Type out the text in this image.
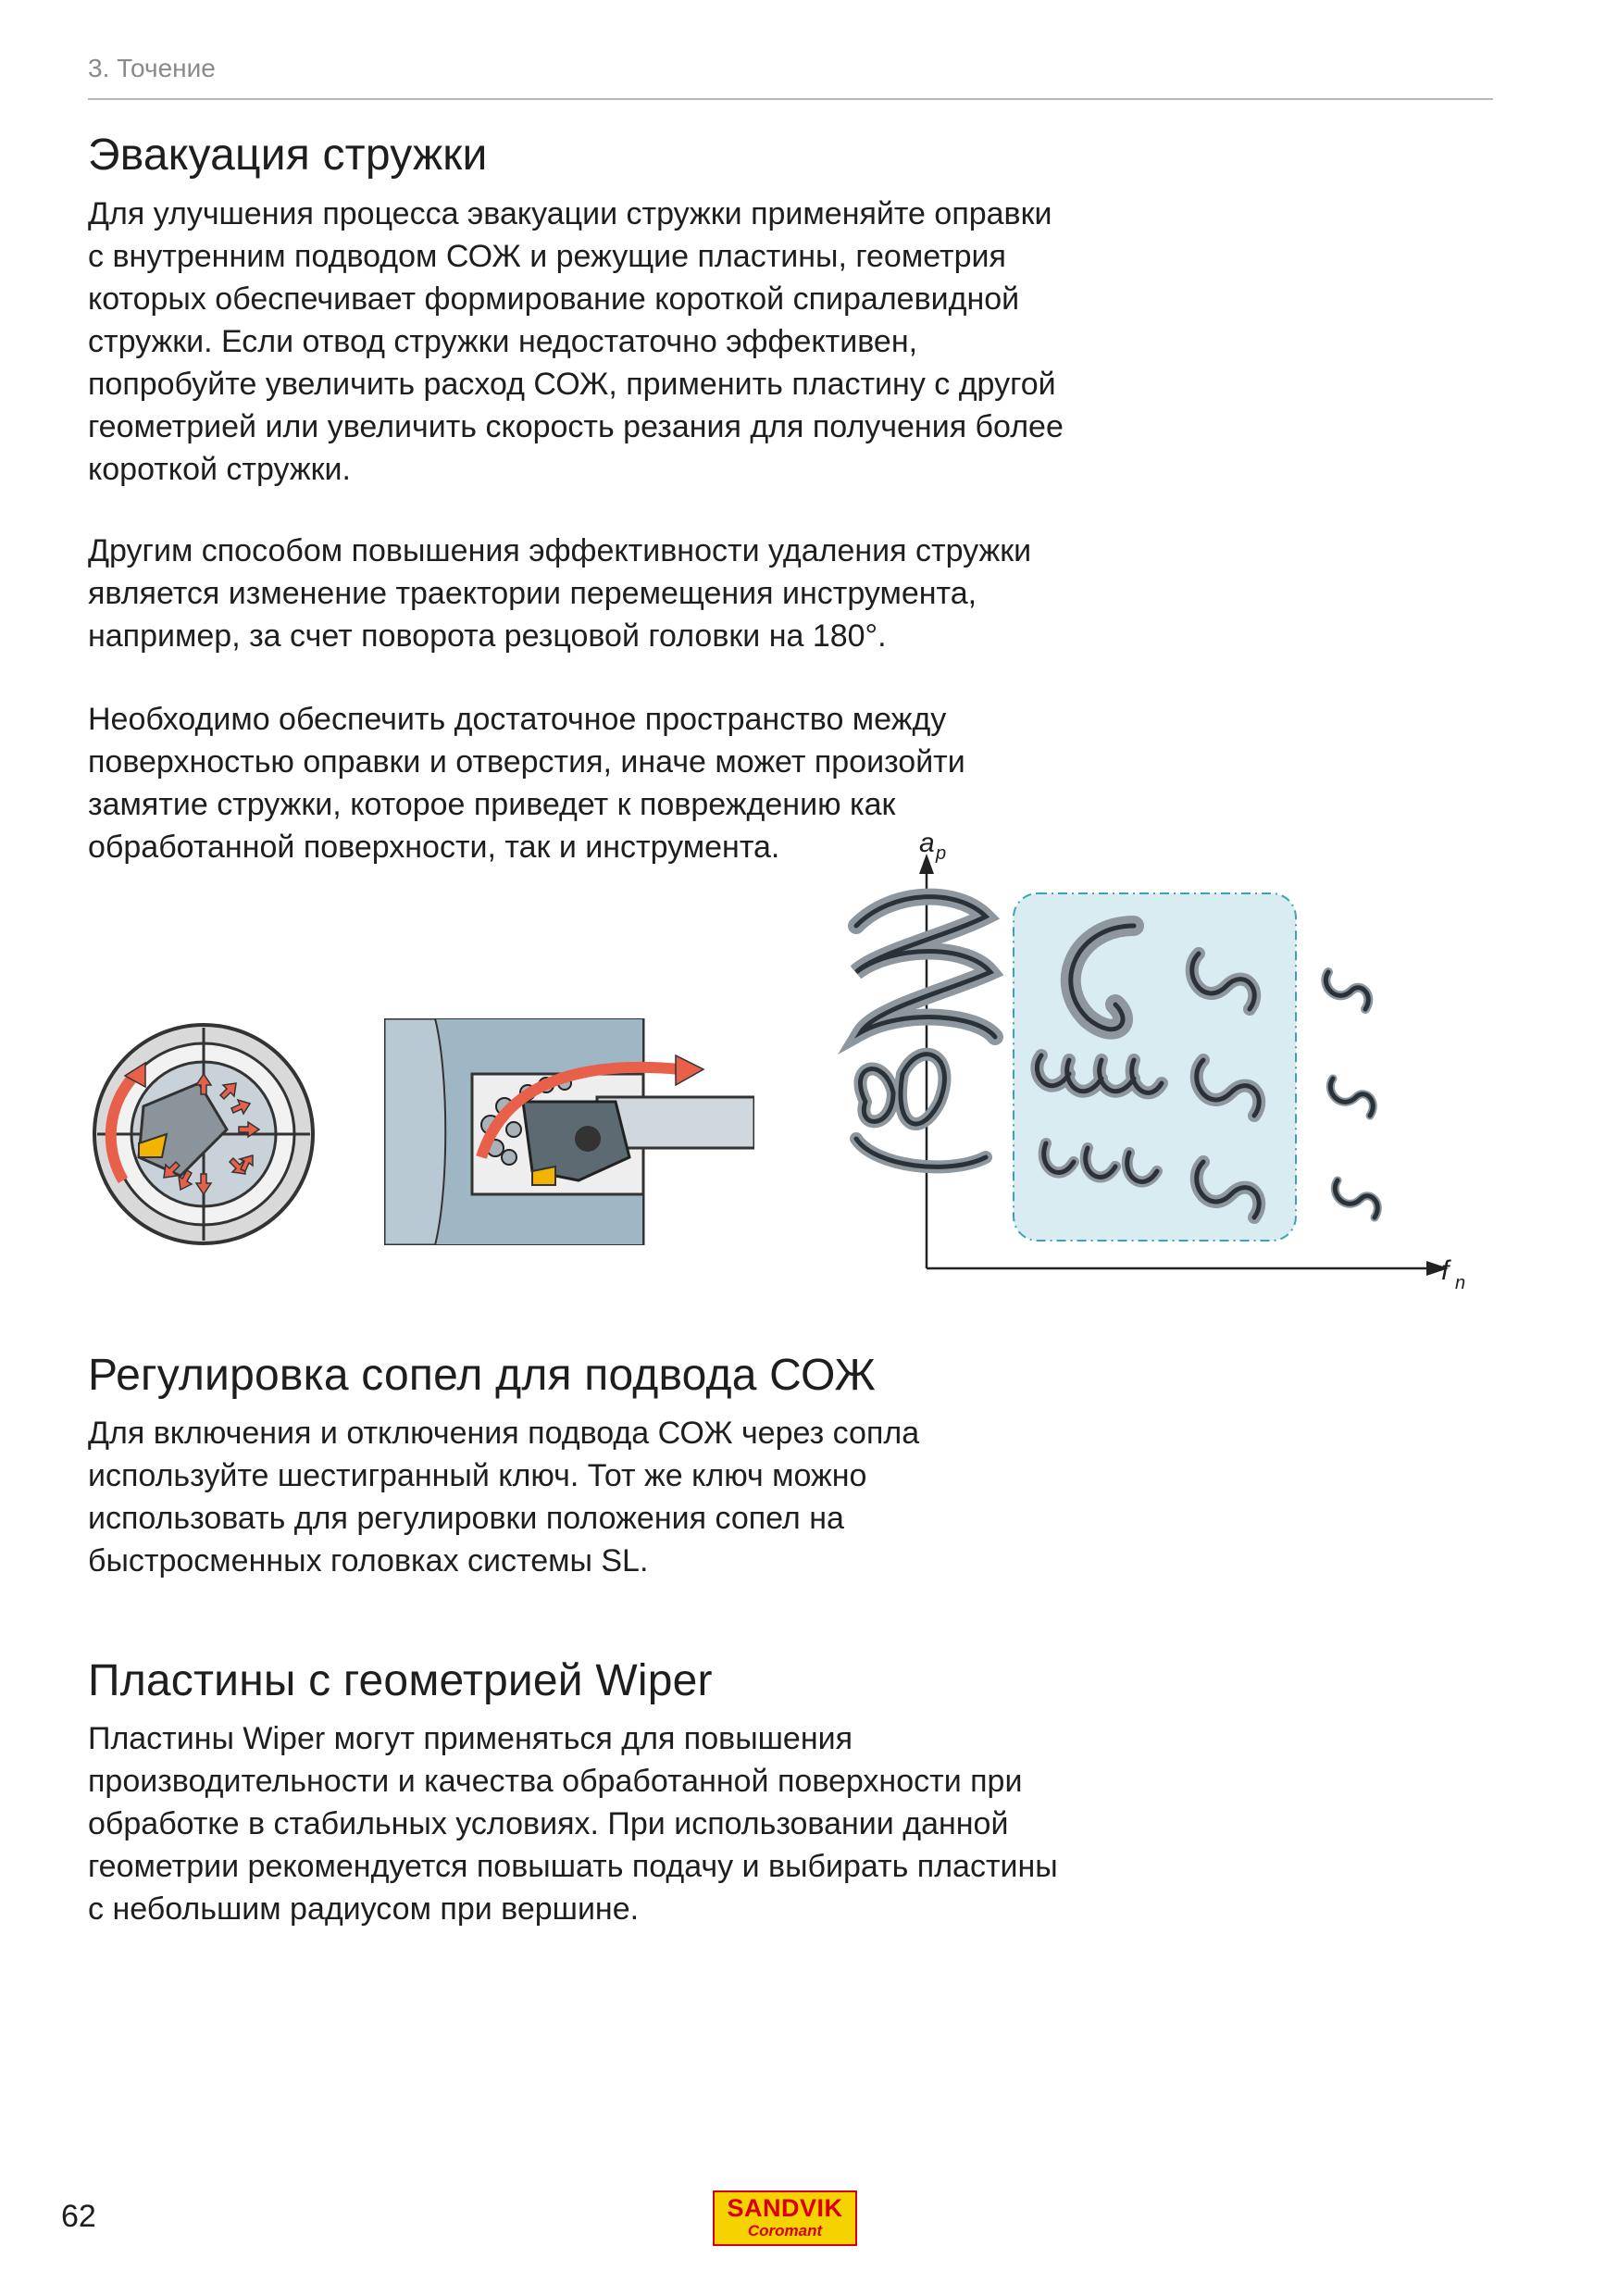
3. Точение
Эвакуация стружки

Для улучшения процесса эвакуации стружки применяйте оправки
с внутренним подводом СОЖ и режущие пластины, геометрия
которых обеспечивает формирование короткой спиралевидной
стружки. Если отвод стружки недостаточно эффективен,
попробуйте увеличить расход СОЖ, применить пластину с другой
геометрией или увеличить скорость резания для получения более
короткой стружки.

Другим способом повышения эффективности удаления стружки
является изменение траектории перемещения инструмента,
например, за счет поворота резцовой головки на 180°.

Необходимо обеспечить достаточное пространство между
поверхностью оправки и отверстия, иначе может произойти
замятие стружки, которое приведет к повреждению как
обработанной поверхности, так и инструмента.	a p
f n
Регулировка сопел для подвода СОЖ

Для включения и отключения подвода СОЖ через сопла
используйте шестигранный ключ. Тот же ключ можно
использовать для регулировки положения сопел на
быстросменных головках системы SL.

Пластины с геометрией Wiper

Пластины Wiper могут применяться для повышения
производительности и качества обработанной поверхности при
обработке в стабильных условиях. При использовании данной
геометрии рекомендуется повышать подачу и выбирать пластины
с небольшим радиусом при вершине.

62	SANDVIK
Coromant
